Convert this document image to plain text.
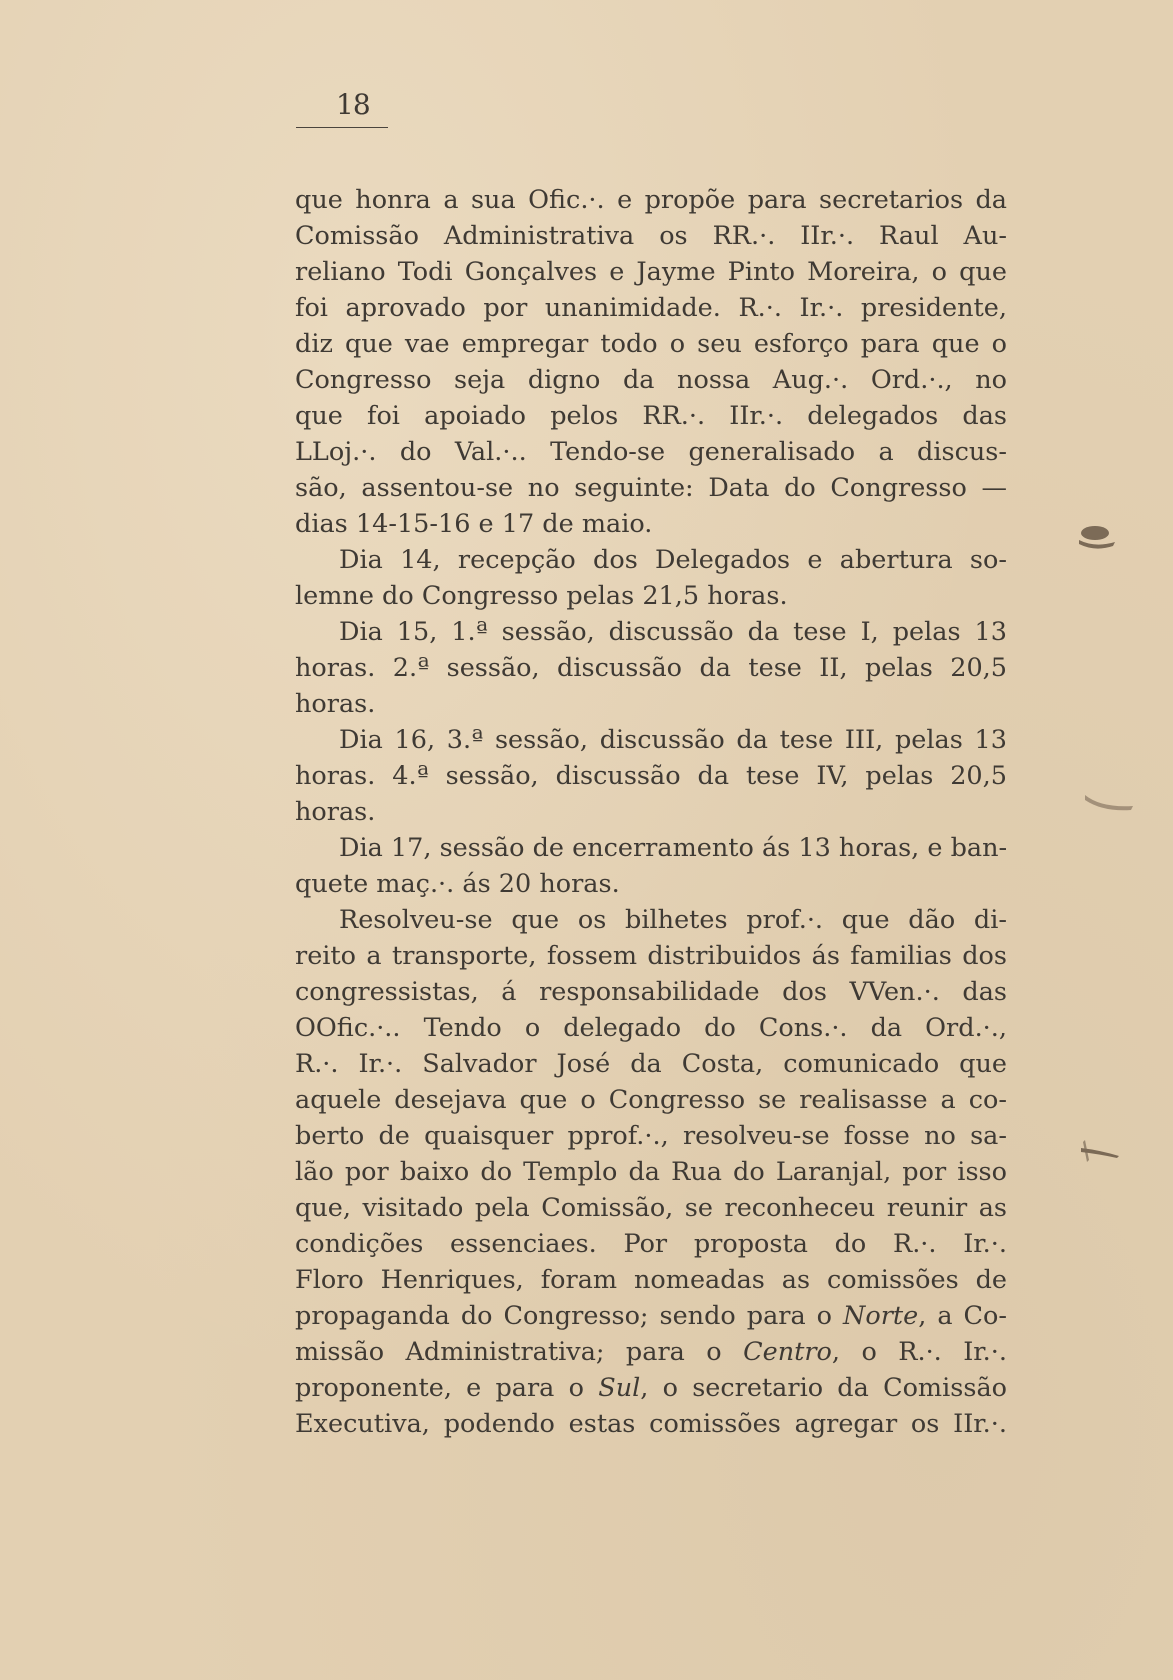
18
que honra a sua Ofic.·. e propõe para secretarios da
Comissão Administrativa os RR.·. IIr.·. Raul Au-
reliano Todi Gonçalves e Jayme Pinto Moreira, o que
foi aprovado por unanimidade. R.·. Ir.·. presidente,
diz que vae empregar todo o seu esforço para que o
Congresso seja digno da nossa Aug.·. Ord.·., no
que foi apoiado pelos RR.·. IIr.·. delegados das
LLoj.·. do Val.·.. Tendo-se generalisado a discus-
são, assentou-se no seguinte: Data do Congresso —
dias 14-15-16 e 17 de maio.
Dia 14, recepção dos Delegados e abertura so-
lemne do Congresso pelas 21,5 horas.
Dia 15, 1.ª sessão, discussão da tese I, pelas 13
horas. 2.ª sessão, discussão da tese II, pelas 20,5
horas.
Dia 16, 3.ª sessão, discussão da tese III, pelas 13
horas. 4.ª sessão, discussão da tese IV, pelas 20,5
horas.
Dia 17, sessão de encerramento ás 13 horas, e ban-
quete maç.·. ás 20 horas.
Resolveu-se que os bilhetes prof.·. que dão di-
reito a transporte, fossem distribuidos ás familias dos
congressistas, á responsabilidade dos VVen.·. das
OOfic.·.. Tendo o delegado do Cons.·. da Ord.·.,
R.·. Ir.·. Salvador José da Costa, comunicado que
aquele desejava que o Congresso se realisasse a co-
berto de quaisquer pprof.·., resolveu-se fosse no sa-
lão por baixo do Templo da Rua do Laranjal, por isso
que, visitado pela Comissão, se reconheceu reunir as
condições essenciaes. Por proposta do R.·. Ir.·.
Floro Henriques, foram nomeadas as comissões de
propaganda do Congresso; sendo para o Norte, a Co-
missão Administrativa; para o Centro, o R.·. Ir.·.
proponente, e para o Sul, o secretario da Comissão
Executiva, podendo estas comissões agregar os IIr.·.
